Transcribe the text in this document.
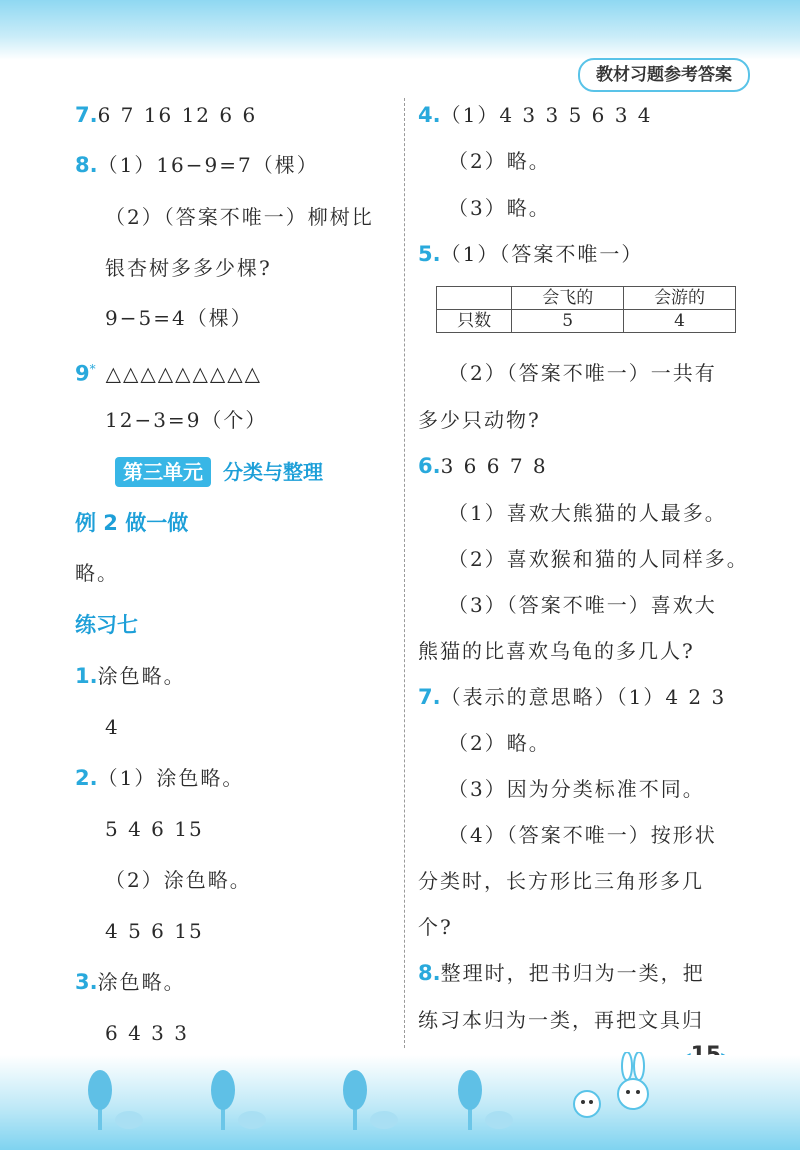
教材习题参考答案
7.6 7 16 12 6 6
8.（1）16−9=7（棵）
（2）（答案不唯一）柳树比
银杏树多多少棵?
9−5=4（棵）
9* △△△△△△△△△
12−3=9（个）
第三单元 分类与整理
例 2 做一做
略。
练习七
1.涂色略。
4
2.（1）涂色略。
5 4 6 15
（2）涂色略。
4 5 6 15
3.涂色略。
6 4 3 3
4.（1）4 3 3 5 6 3 4
（2）略。
（3）略。
5.（1）（答案不唯一）
	会飞的	会游的
只数	5	4
（2）（答案不唯一）一共有
多少只动物?
6.3 6 6 7 8
（1）喜欢大熊猫的人最多。
（2）喜欢猴和猫的人同样多。
（3）（答案不唯一）喜欢大
熊猫的比喜欢乌龟的多几人?
7.（表示的意思略）（1）4 2 3
（2）略。
（3）因为分类标准不同。
（4）（答案不唯一）按形状
分类时，长方形比三角形多几
个?
8.整理时，把书归为一类，把
练习本归为一类，再把文具归
